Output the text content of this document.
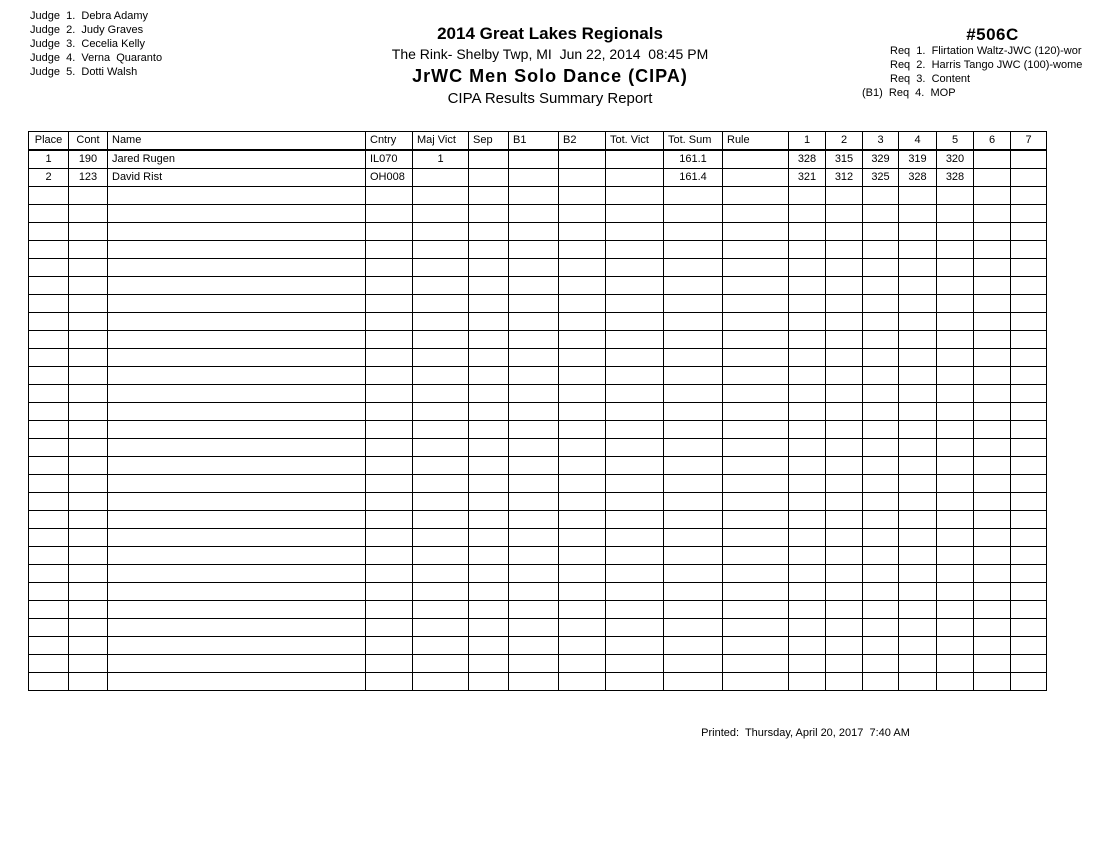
Judge  1.  Debra Adamy
Judge  2.  Judy Graves
Judge  3.  Cecelia Kelly
Judge  4.  Verna  Quaranto
Judge  5.  Dotti Walsh
2014 Great Lakes Regionals
The Rink- Shelby Twp, MI  Jun 22, 2014  08:45 PM
JrWC Men Solo Dance (CIPA)
CIPA Results Summary Report
#506C
Req  1.  Flirtation Waltz-JWC (120)-wor
Req  2.  Harris Tango JWC (100)-wome
Req  3.  Content
(B1)  Req  4.  MOP
Place	Cont	Name	Cntry	Maj Vict	Sep	B1	B2	Tot. Vict	Tot. Sum	Rule	1	2	3	4	5	6	7
1	190	Jared Rugen	IL070	1					161.1		328	315	329	319	320		
2	123	David Rist	OH008						161.4		321	312	325	328	328		

Printed:  Thursday, April 20, 2017  7:40 AM
